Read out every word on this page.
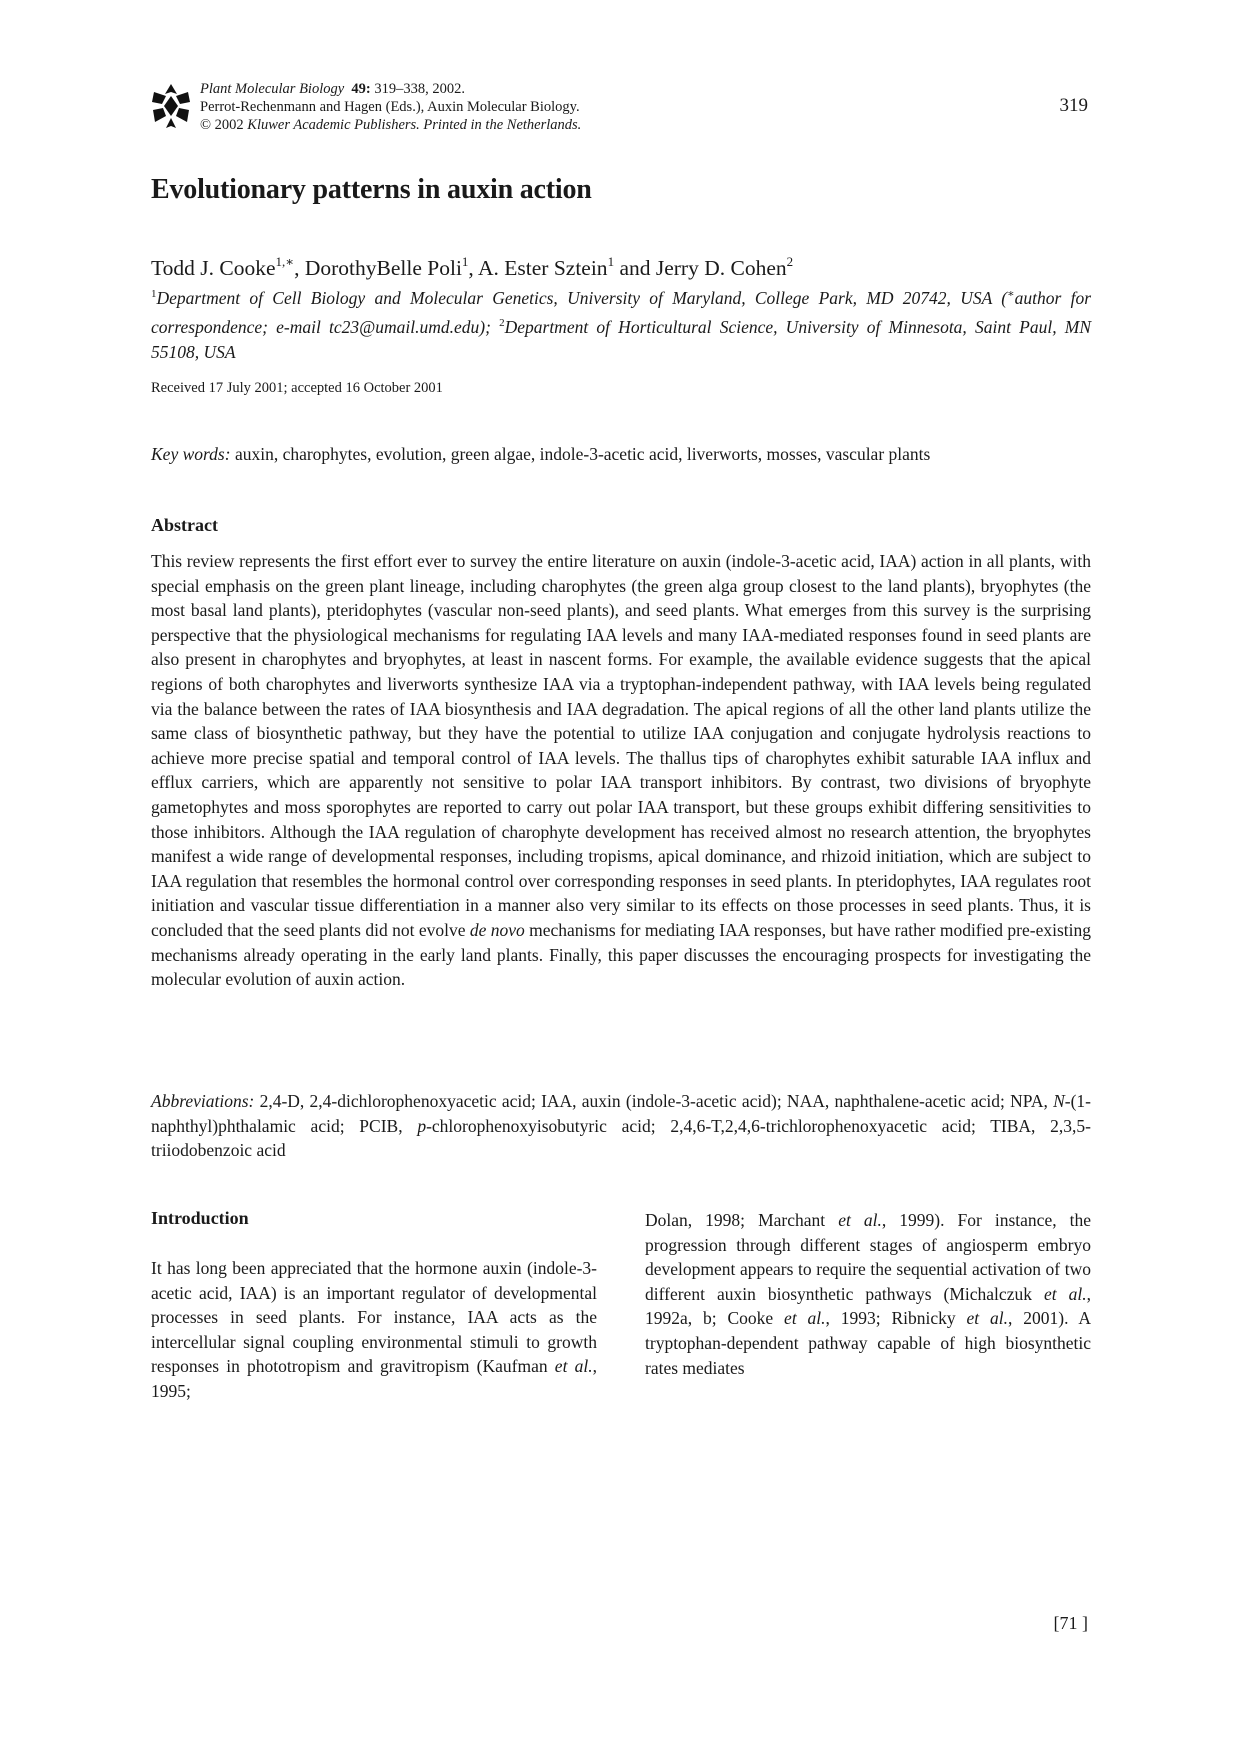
Plant Molecular Biology 49: 319–338, 2002.
Perrot-Rechenmann and Hagen (Eds.), Auxin Molecular Biology.
© 2002 Kluwer Academic Publishers. Printed in the Netherlands.
319
Evolutionary patterns in auxin action
Todd J. Cooke$^{1,∗}$, DorothyBelle Poli$^1$, A. Ester Sztein$^1$ and Jerry D. Cohen$^2$
$^1$Department of Cell Biology and Molecular Genetics, University of Maryland, College Park, MD 20742, USA (∗author for correspondence; e-mail tc23@umail.umd.edu); $^2$Department of Horticultural Science, University of Minnesota, Saint Paul, MN 55108, USA
Received 17 July 2001; accepted 16 October 2001
Key words: auxin, charophytes, evolution, green algae, indole-3-acetic acid, liverworts, mosses, vascular plants
Abstract

This review represents the first effort ever to survey the entire literature on auxin (indole-3-acetic acid, IAA) action in all plants, with special emphasis on the green plant lineage, including charophytes (the green alga group closest to the land plants), bryophytes (the most basal land plants), pteridophytes (vascular non-seed plants), and seed plants. What emerges from this survey is the surprising perspective that the physiological mechanisms for regulating IAA levels and many IAA-mediated responses found in seed plants are also present in charophytes and bryophytes, at least in nascent forms. For example, the available evidence suggests that the apical regions of both charophytes and liverworts synthesize IAA via a tryptophan-independent pathway, with IAA levels being regulated via the balance between the rates of IAA biosynthesis and IAA degradation. The apical regions of all the other land plants utilize the same class of biosynthetic pathway, but they have the potential to utilize IAA conjugation and conjugate hydrolysis reactions to achieve more precise spatial and temporal control of IAA levels. The thallus tips of charophytes exhibit saturable IAA influx and efflux carriers, which are apparently not sensitive to polar IAA transport inhibitors. By contrast, two divisions of bryophyte gametophytes and moss sporophytes are reported to carry out polar IAA transport, but these groups exhibit differing sensitivities to those inhibitors. Although the IAA regulation of charophyte development has received almost no research attention, the bryophytes manifest a wide range of developmental responses, including tropisms, apical dominance, and rhizoid initiation, which are subject to IAA regulation that resembles the hormonal control over corresponding responses in seed plants. In pteridophytes, IAA regulates root initiation and vascular tissue differentiation in a manner also very similar to its effects on those processes in seed plants. Thus, it is concluded that the seed plants did not evolve de novo mechanisms for mediating IAA responses, but have rather modified pre-existing mechanisms already operating in the early land plants. Finally, this paper discusses the encouraging prospects for investigating the molecular evolution of auxin action.

Abbreviations: 2,4-D, 2,4-dichlorophenoxyacetic acid; IAA, auxin (indole-3-acetic acid); NAA, naphthalene-acetic acid; NPA, N-(1-naphthyl)phthalamic acid; PCIB, p-chlorophenoxyisobutyric acid; 2,4,6-T,2,4,6-trichlorophenoxyacetic acid; TIBA, 2,3,5-triiodobenzoic acid

Introduction

It has long been appreciated that the hormone auxin (indole-3-acetic acid, IAA) is an important regulator of developmental processes in seed plants. For instance, IAA acts as the intercellular signal coupling environmental stimuli to growth responses in phototropism and gravitropism (Kaufman et al., 1995;

Dolan, 1998; Marchant et al., 1999). For instance, the progression through different stages of angiosperm embryo development appears to require the sequential activation of two different auxin biosynthetic pathways (Michalczuk et al., 1992a, b; Cooke et al., 1993; Ribnicky et al., 2001). A tryptophan-dependent pathway capable of high biosynthetic rates mediates

[71 ]
